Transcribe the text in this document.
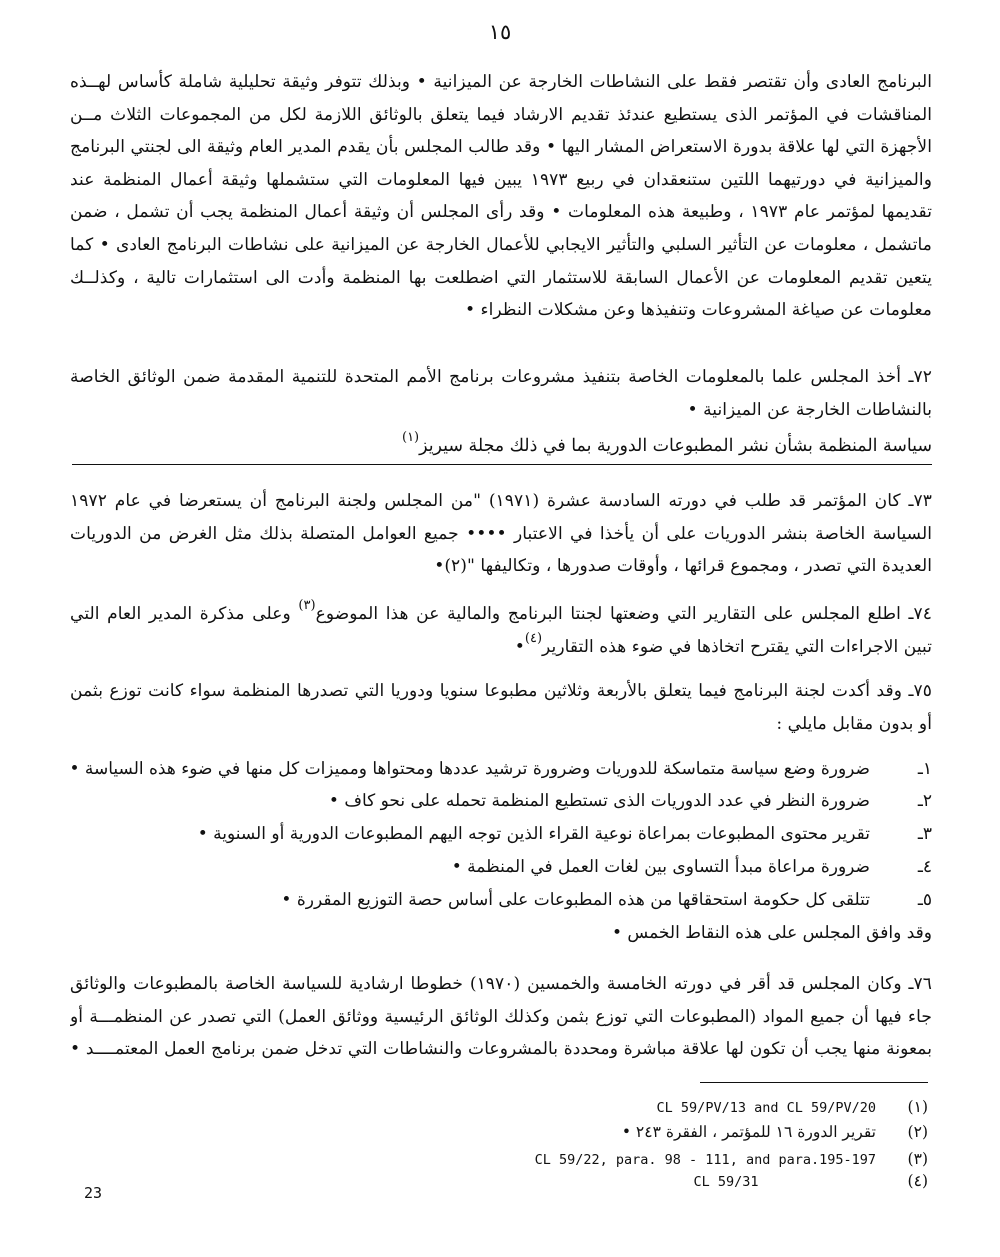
١٥
البرنامج العادى وأن تقتصر فقط على النشاطات الخارجة عن الميزانية • وبذلك تتوفر وثيقة تحليلية شاملة كأساس لهــذه
المناقشات في المؤتمر الذى يستطيع عندئذ تقديم الارشاد فيما يتعلق بالوثائق اللازمة لكل من المجموعات الثلاث مــن
الأجهزة التي لها علاقة بدورة الاستعراض المشار اليها • وقد طالب المجلس بأن يقدم المدير العام وثيقة الى لجنتي البرنامج
والميزانية في دورتيهما اللتين ستنعقدان في ربيع ١٩٧٣ يبين فيها المعلومات التي ستشملها وثيقة أعمال المنظمة عند
تقديمها لمؤتمر عام ١٩٧٣ ، وطبيعة هذه المعلومات • وقد رأى المجلس أن وثيقة أعمال المنظمة يجب أن تشمل ، ضمن
ماتشمل ، معلومات عن التأثير السلبي والتأثير الايجابي للأعمال الخارجة عن الميزانية على نشاطات البرنامج العادى • كما
يتعين تقديم المعلومات عن الأعمال السابقة للاستثمار التي اضطلعت بها المنظمة وأدت الى استثمارات تالية ، وكذلــك
معلومات عن صياغة المشروعات وتنفيذها وعن مشكلات النظراء •
٧٢ـ أخذ المجلس علما بالمعلومات الخاصة بتنفيذ مشروعات برنامج الأمم المتحدة للتنمية المقدمة ضمن الوثائق الخاصة
بالنشاطات الخارجة عن الميزانية •
سياسة المنظمة بشأن نشر المطبوعات الدورية بما في ذلك مجلة سيريز$^{(١)}$
٧٣ـ كان المؤتمر قد طلب في دورته السادسة عشرة (١٩٧١) "من المجلس ولجنة البرنامج أن يستعرضا في عام ١٩٧٢
السياسة الخاصة بنشر الدوريات على أن يأخذا في الاعتبار •••• جميع العوامل المتصلة بذلك مثل الغرض من الدوريات
العديدة التي تصدر ، ومجموع قرائها ، وأوقات صدورها ، وتكاليفها "(٢)•
٧٤ـ اطلع المجلس على التقارير التي وضعتها لجنتا البرنامج والمالية عن هذا الموضوع$^{(٣)}$ وعلى مذكرة المدير العام التي
تبين الاجراءات التي يقترح اتخاذها في ضوء هذه التقارير$^{(٤)}$•
٧٥ـ وقد أكدت لجنة البرنامج فيما يتعلق بالأربعة وثلاثين مطبوعا سنويا ودوريا التي تصدرها المنظمة سواء كانت توزع بثمن
أو بدون مقابل مايلي :
١ـضرورة وضع سياسة متماسكة للدوريات وضرورة ترشيد عددها ومحتواها ومميزات كل منها في ضوء هذه السياسة •
٢ـضرورة النظر في عدد الدوريات الذى تستطيع المنظمة تحمله على نحو كاف •
٣ـتقرير محتوى المطبوعات بمراعاة نوعية القراء الذين توجه اليهم المطبوعات الدورية أو السنوية •
٤ـضرورة مراعاة مبدأ التساوى بين لغات العمل في المنظمة •
٥ـتتلقى كل حكومة استحقاقها من هذه المطبوعات على أساس حصة التوزيع المقررة •
وقد وافق المجلس على هذه النقاط الخمس •
٧٦ـ وكان المجلس قد أقر في دورته الخامسة والخمسين (١٩٧٠) خطوطا ارشادية للسياسة الخاصة بالمطبوعات والوثائق
جاء فيها أن جميع المواد (المطبوعات التي توزع بثمن وكذلك الوثائق الرئيسية ووثائق العمل) التي تصدر عن المنظمـــة أو
بمعونة منها يجب أن تكون لها علاقة مباشرة ومحددة بالمشروعات والنشاطات التي تدخل ضمن برنامج العمل المعتمــــد •
(١)CL 59/PV/13 and CL 59/PV/20
(٢)تقرير الدورة ١٦ للمؤتمر ، الفقرة ٢٤٣ •
(٣)CL 59/22, para. 98 - 111, and para.195-197
(٤)CL 59/31
23
